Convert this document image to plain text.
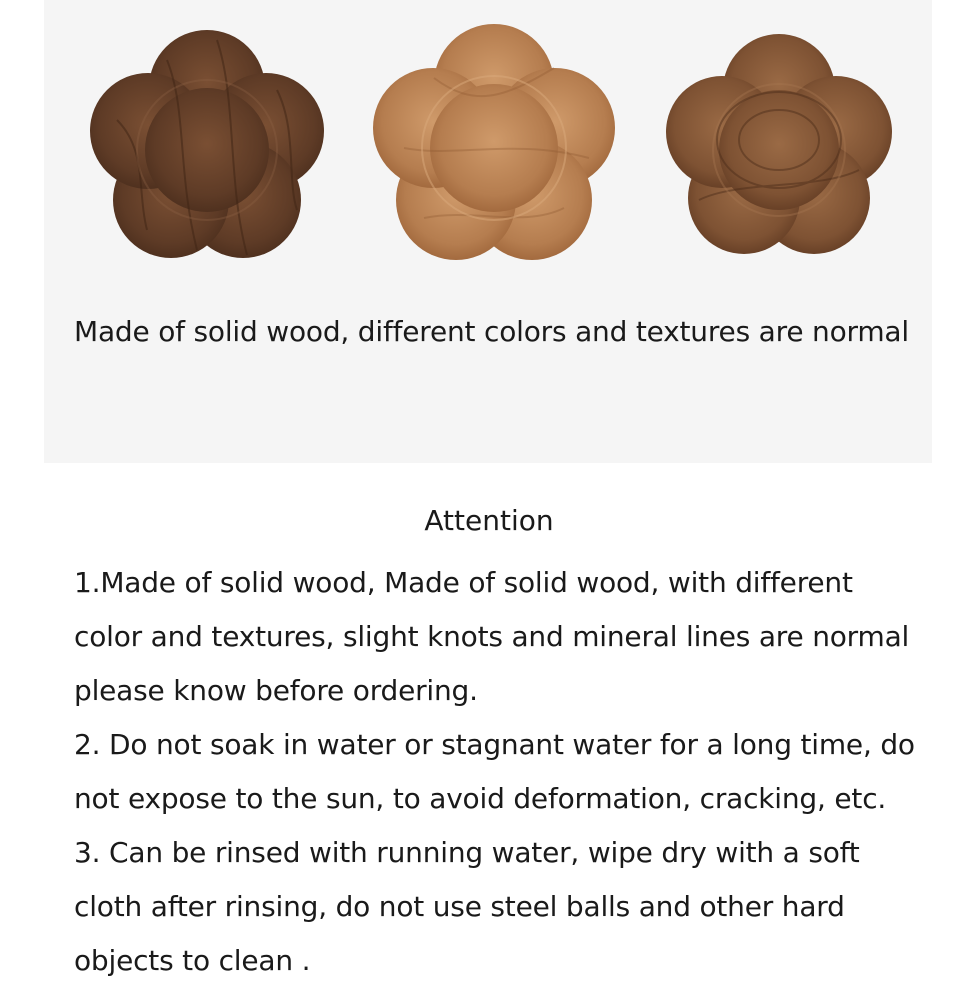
Made of solid wood, different colors and textures are normal
Attention
1.Made of solid wood, Made of solid wood, with different
color and textures, slight knots and mineral lines are normal
please know before ordering.
2. Do not soak in water or stagnant water for a long time, do
not expose to the sun, to avoid deformation, cracking, etc.
3. Can be rinsed with running water, wipe dry with a soft
cloth after rinsing, do not use steel balls and other hard
objects to clean .
